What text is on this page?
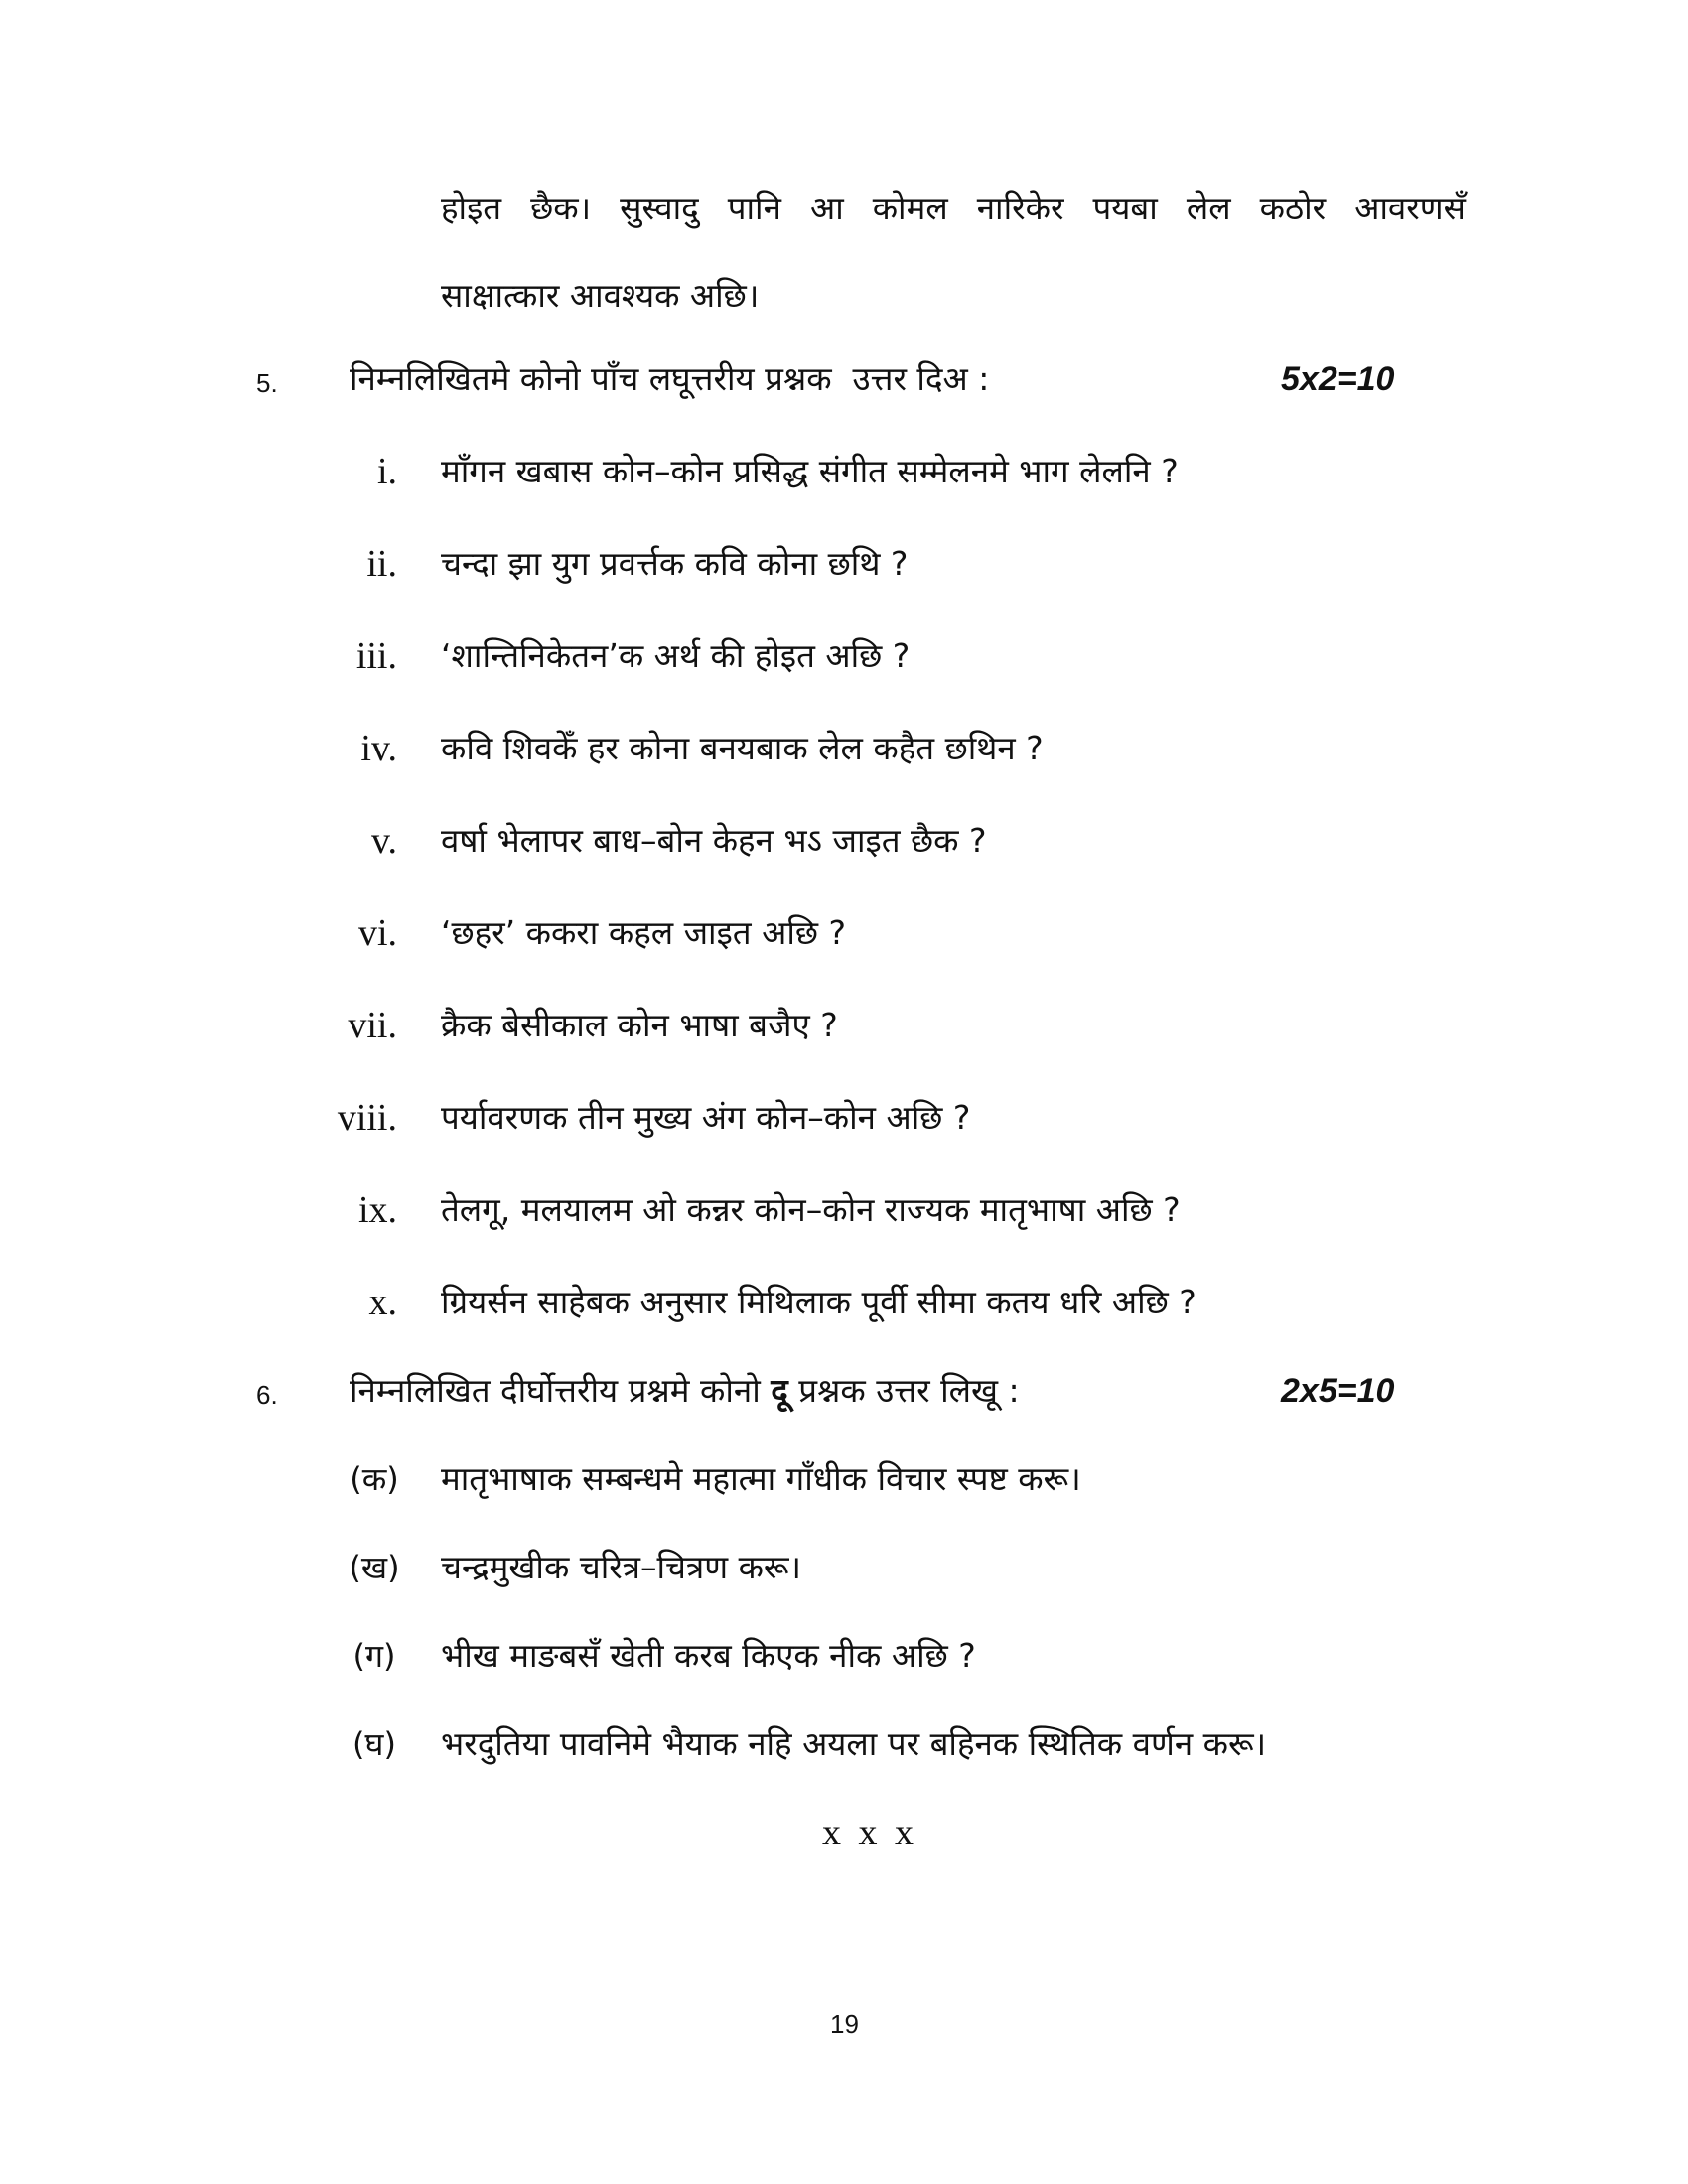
होइत छैक। सुस्वादु पानि आ कोमल नारिकेर पयबा लेल कठोर आवरणसँ
साक्षात्कार आवश्यक अछि।
5. निम्नलिखितमे कोनो पाँच लघूत्तरीय प्रश्नक  उत्तर दिअ :	5x2=10
i. माँगन खबास कोन–कोन प्रसिद्ध संगीत सम्मेलनमे भाग लेलनि ?
ii. चन्दा झा युग प्रवर्त्तक कवि कोना छथि ?
iii. ‘शान्तिनिकेतन’क अर्थ की होइत अछि ?
iv. कवि शिवकेँ हर कोना बनयबाक लेल कहैत छथिन ?
v. वर्षा भेलापर बाध–बोन केहन भऽ जाइत छैक ?
vi. ‘छहर’ ककरा कहल जाइत अछि ?
vii. क्रैक बेसीकाल कोन भाषा बजैए ?
viii. पर्यावरणक तीन मुख्य अंग कोन–कोन अछि ?
ix. तेलगू, मलयालम ओ कन्नर कोन–कोन राज्यक मातृभाषा अछि ?
x. ग्रियर्सन साहेबक अनुसार मिथिलाक पूर्वी सीमा कतय धरि अछि ?
6. निम्नलिखित दीर्घोत्तरीय प्रश्नमे कोनो दू प्रश्नक उत्तर लिखू :	2x5=10
(क)	मातृभाषाक सम्बन्धमे महात्मा गाँधीक विचार स्पष्ट करू।
(ख)	चन्द्रमुखीक चरित्र–चित्रण करू।
(ग)	भीख माङबसँ खेती करब किएक नीक अछि ?
(घ)	भरदुतिया पावनिमे भैयाक नहि अयला पर बहिनक स्थितिक वर्णन करू।
x x x
19
